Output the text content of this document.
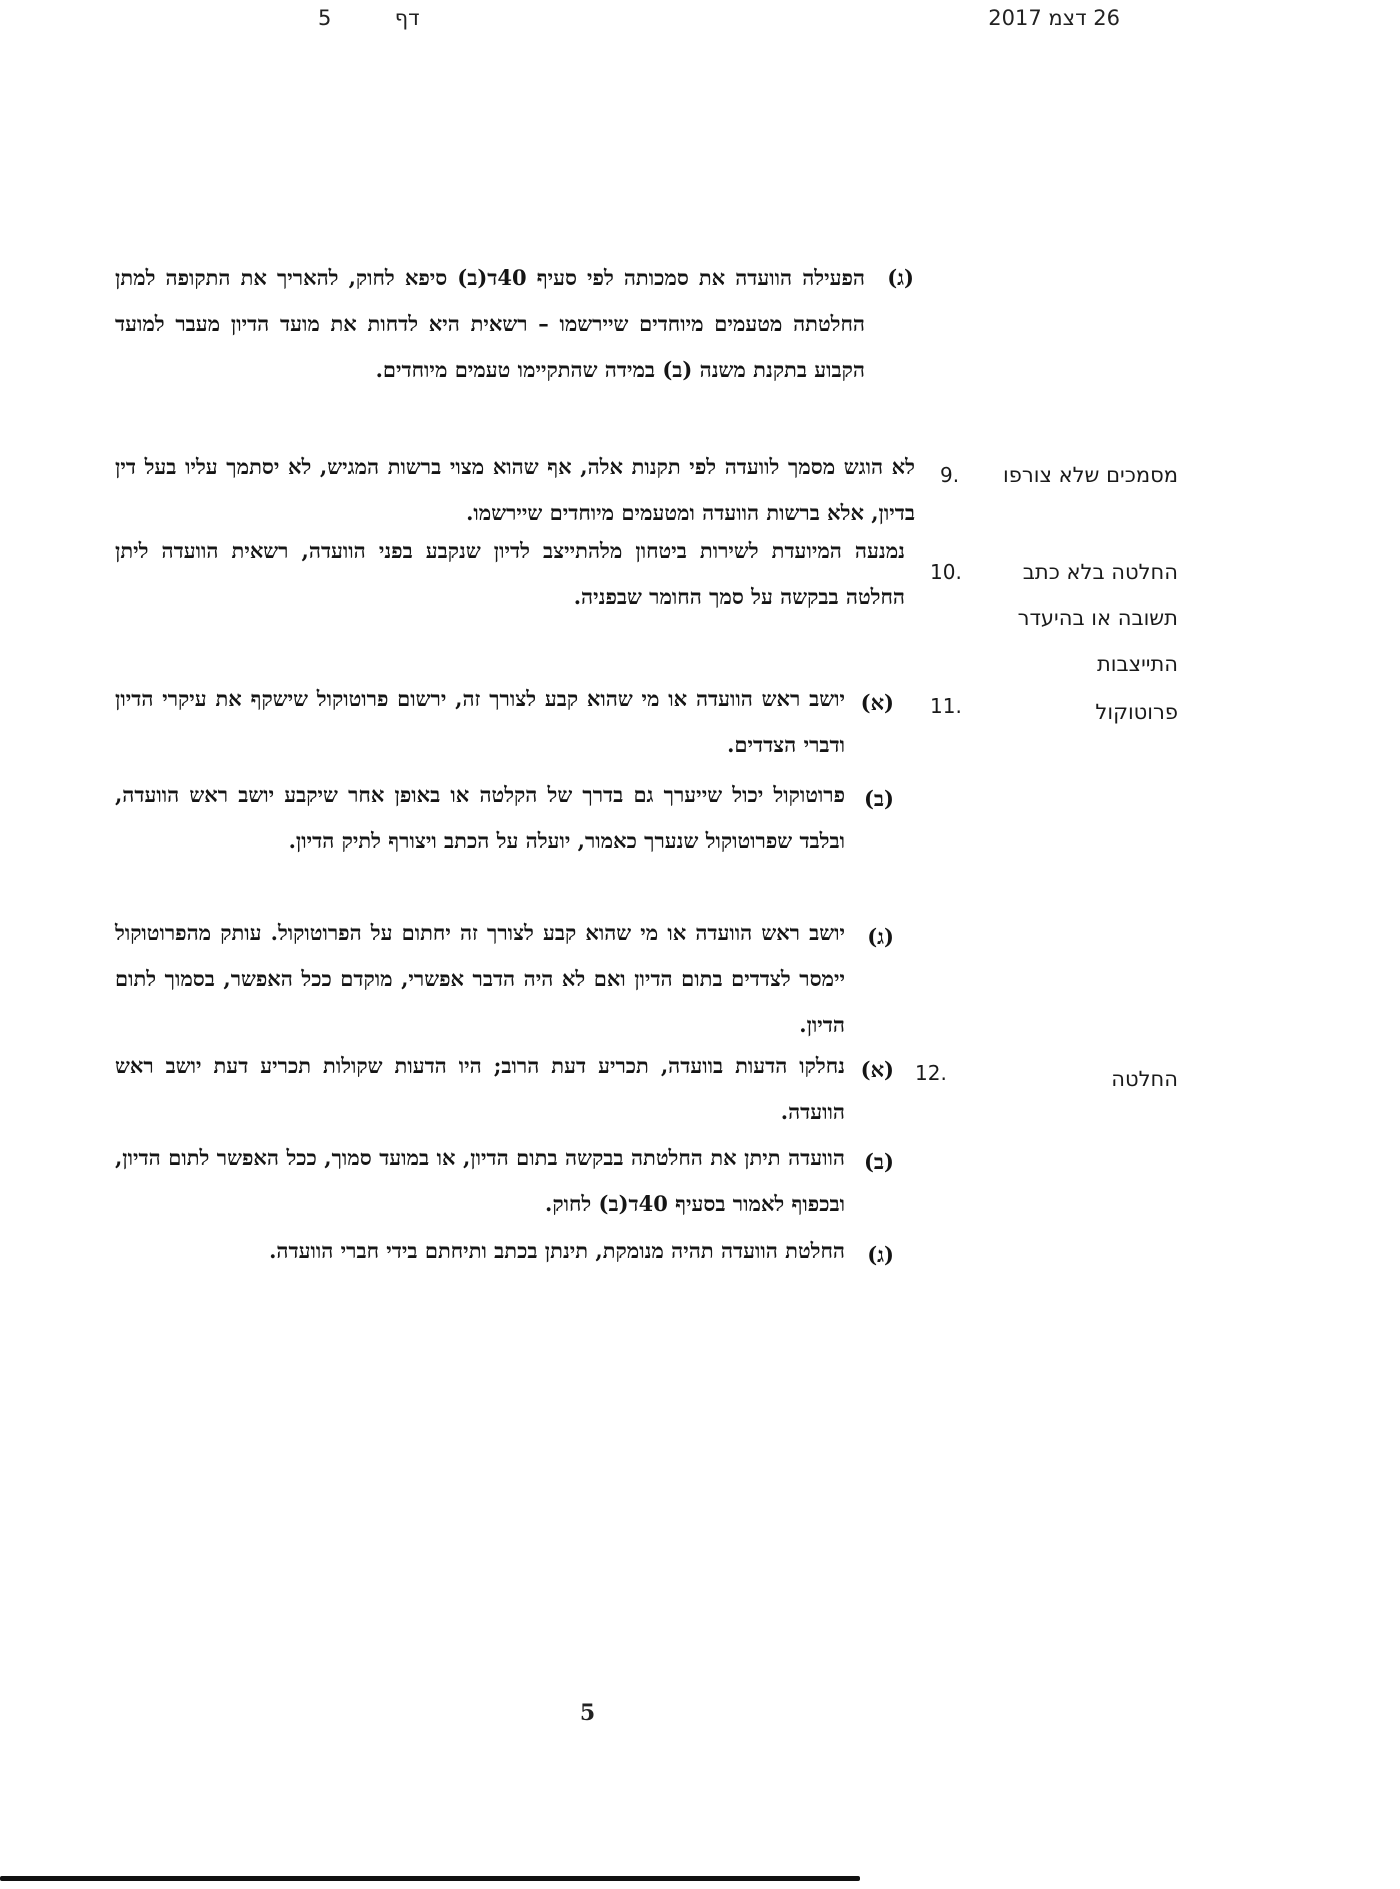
26 דצמ 2017
דף  5
(ג)
הפעילה הוועדה את סמכותה לפי סעיף 40ד(ב) סיפא לחוק, להאריך את התקופה למתן החלטתה מטעמים מיוחדים שיירשמו – רשאית היא לדחות את מועד הדיון מעבר למועד הקבוע בתקנת משנה (ב) במידה שהתקיימו טעמים מיוחדים.
מסמכים שלא צורפו
9.
לא הוגש מסמך לוועדה לפי תקנות אלה, אף שהוא מצוי ברשות המגיש, לא יסתמך עליו בעל דין בדיון, אלא ברשות הוועדה ומטעמים מיוחדים שיירשמו.
החלטה בלא כתב תשובה או בהיעדר התייצבות
10.
נמנעה המיועדת לשירות ביטחון מלהתייצב לדיון שנקבע בפני הוועדה, רשאית הוועדה ליתן החלטה בבקשה על סמך החומר שבפניה.
פרוטוקול
11.
(א)
יושב ראש הוועדה או מי שהוא קבע לצורך זה, ירשום פרוטוקול שישקף את עיקרי הדיון ודברי הצדדים.
(ב)
פרוטוקול יכול שייערך גם בדרך של הקלטה או באופן אחר שיקבע יושב ראש הוועדה, ובלבד שפרוטוקול שנערך כאמור, יועלה על הכתב ויצורף לתיק הדיון.
(ג)
יושב ראש הוועדה או מי שהוא קבע לצורך זה יחתום על הפרוטוקול. עותק מהפרוטוקול יימסר לצדדים בתום הדיון ואם לא היה הדבר אפשרי, מוקדם ככל האפשר, בסמוך לתום הדיון.
החלטה
12.
(א)
נחלקו הדעות בוועדה, תכריע דעת הרוב; היו הדעות שקולות תכריע דעת יושב ראש הוועדה.
(ב)
הוועדה תיתן את החלטתה בבקשה בתום הדיון, או במועד סמוך, ככל האפשר לתום הדיון, ובכפוף לאמור בסעיף 40ד(ב) לחוק.
(ג)
החלטת הוועדה תהיה מנומקת, תינתן בכתב ותיחתם בידי חברי הוועדה.
5
